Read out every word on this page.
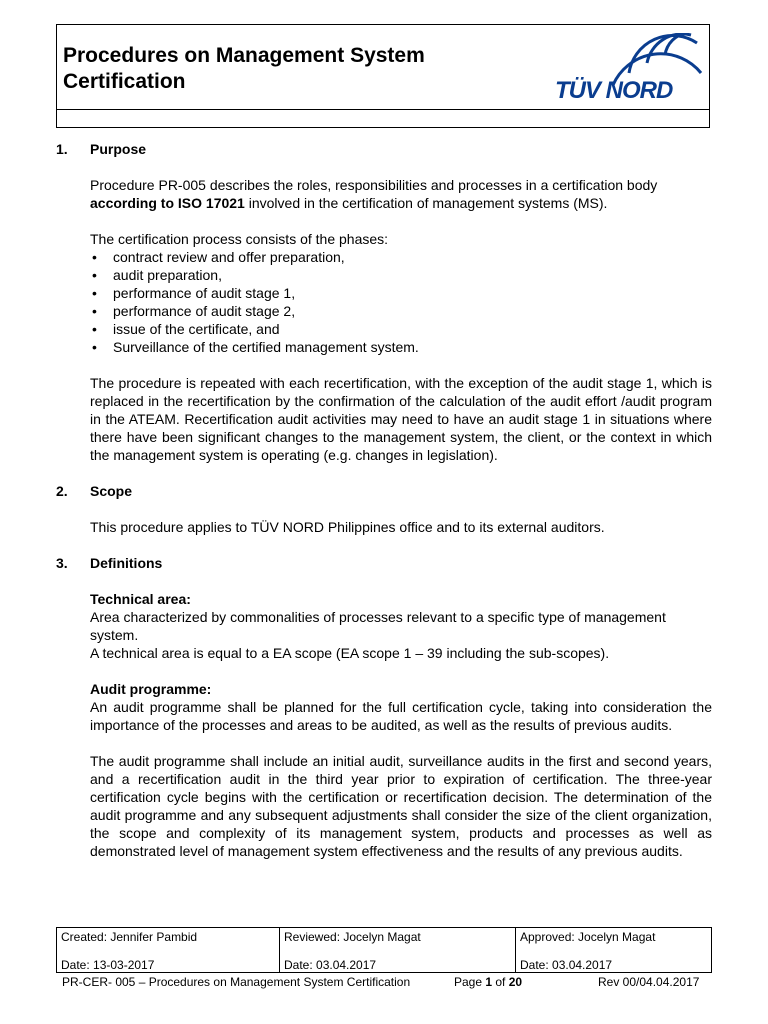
Procedures on Management System
Certification	TÜV NORD
1.	Purpose

Procedure PR-005 describes the roles, responsibilities and processes in a certification body
according to ISO 17021 involved in the certification of management systems (MS).

The certification process consists of the phases:

• contract review and offer preparation,
• audit preparation,
• performance of audit stage 1,
• performance of audit stage 2,
• issue of the certificate, and
• Surveillance of the certified management system.

The procedure is repeated with each recertification, with the exception of the audit stage 1, which is replaced in the recertification by the confirmation of the calculation of the audit effort /audit program in the ATEAM. Recertification audit activities may need to have an audit stage 1 in situations where there have been significant changes to the management system, the client, or the context in which the management system is operating (e.g. changes in legislation).

2.	Scope

This procedure applies to TÜV NORD Philippines office and to its external auditors.

3.	Definitions

Technical area:

Area characterized by commonalities of processes relevant to a specific type of management system.

A technical area is equal to a EA scope (EA scope 1 – 39 including the sub-scopes).

Audit programme:

An audit programme shall be planned for the full certification cycle, taking into consideration the importance of the processes and areas to be audited, as well as the results of previous audits.

The audit programme shall include an initial audit, surveillance audits in the first and second years, and a recertification audit in the third year prior to expiration of certification. The three-year certification cycle begins with the certification or recertification decision. The determination of the audit programme and any subsequent adjustments shall consider the size of the client organization, the scope and complexity of its management system, products and processes as well as demonstrated level of management system effectiveness and the results of any previous audits.

Created: Jennifer Pambid
Date: 13-03-2017
Reviewed: Jocelyn Magat
Date: 03.04.2017
Approved: Jocelyn Magat
Date: 03.04.2017
PR-CER- 005 – Procedures on Management System Certification	Page 1 of 20	Rev 00/04.04.2017
